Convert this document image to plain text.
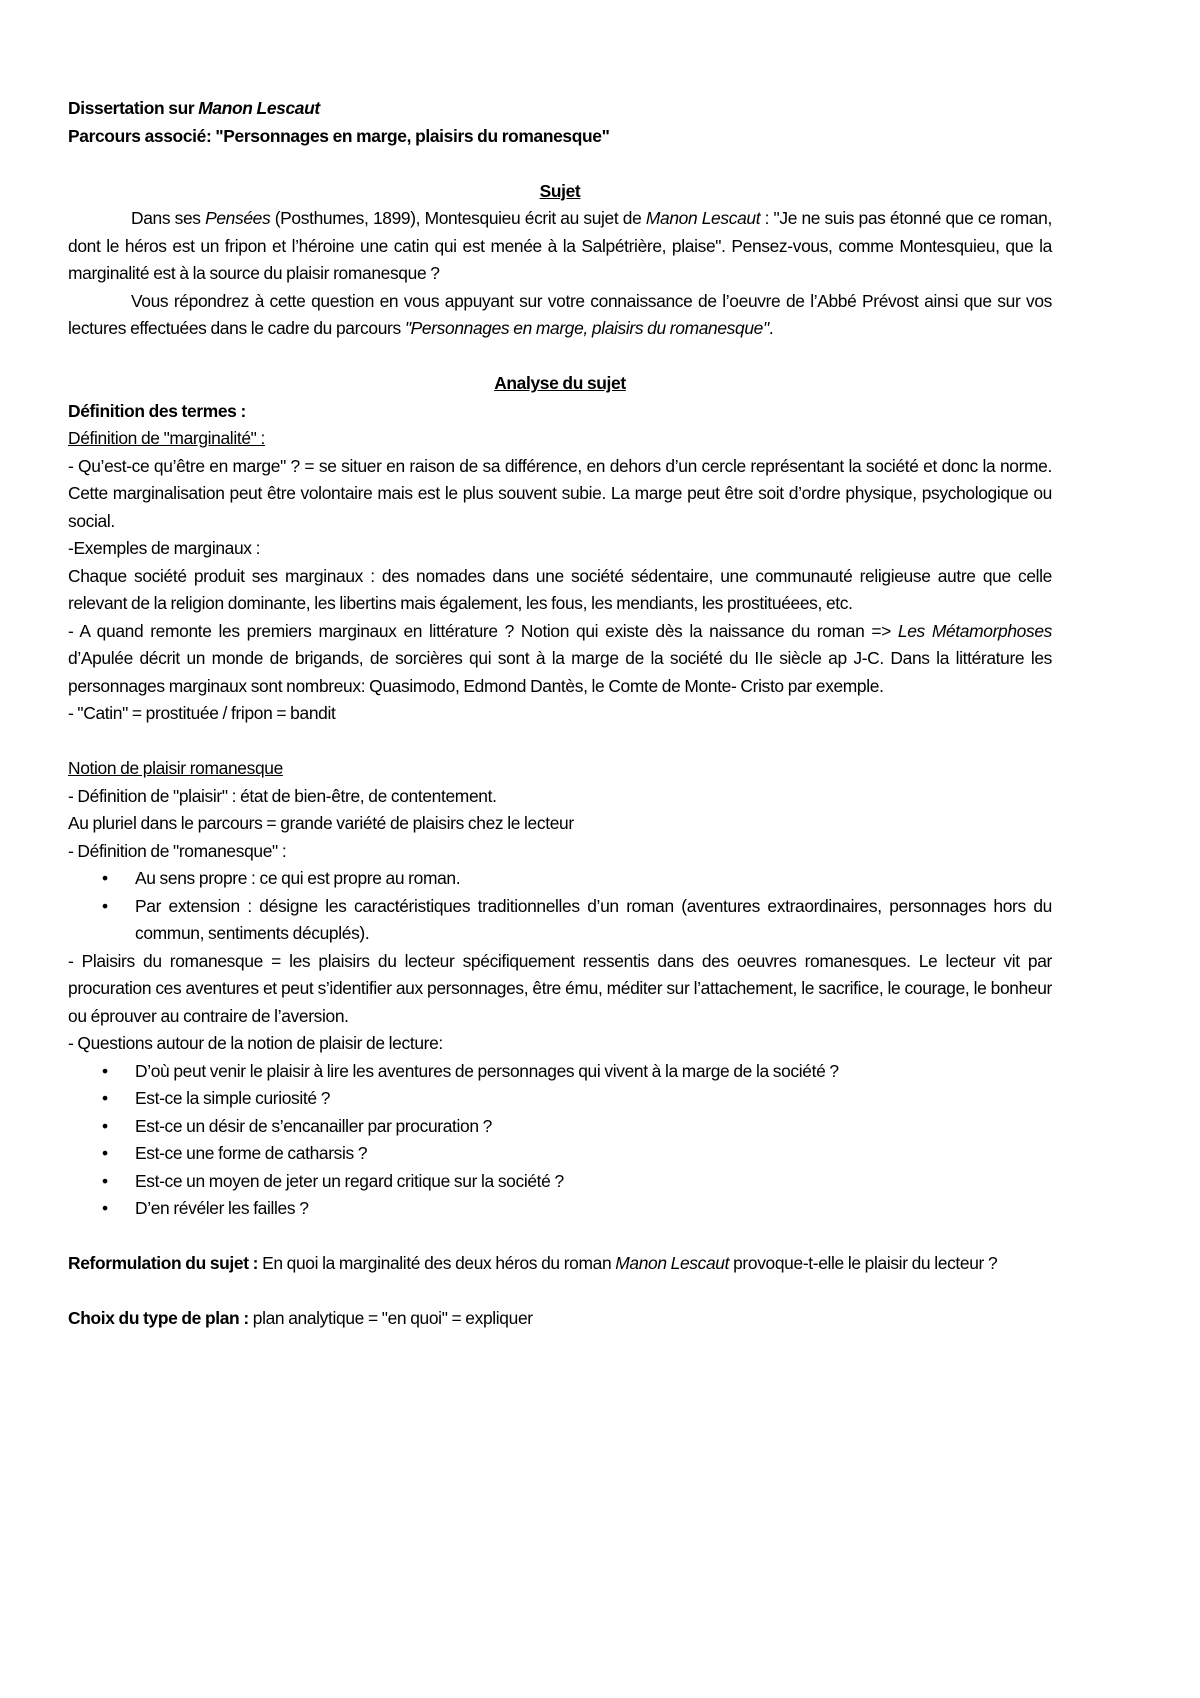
Dissertation sur Manon Lescaut

Parcours associé: "Personnages en marge, plaisirs du romanesque"

Sujet

Dans ses Pensées (Posthumes, 1899), Montesquieu écrit au sujet de Manon Lescaut : "Je ne suis pas étonné que ce roman, dont le héros est un fripon et l’héroine une catin qui est menée à la Salpétrière, plaise". Pensez-vous, comme Montesquieu, que la marginalité est à la source du plaisir romanesque ?

Vous répondrez à cette question en vous appuyant sur votre connaissance de l’oeuvre de l’Abbé Prévost ainsi que sur vos lectures effectuées dans le cadre du parcours "Personnages en marge, plaisirs du romanesque".

Analyse du sujet

Définition des termes :

Définition de "marginalité" :

- Qu’est-ce qu’être en marge" ? = se situer en raison de sa différence, en dehors d’un cercle représentant la société et donc la norme. Cette marginalisation peut être volontaire mais est le plus souvent subie. La marge peut être soit d’ordre physique, psychologique ou social.

-Exemples de marginaux :

Chaque société produit ses marginaux : des nomades dans une société sédentaire, une communauté religieuse autre que celle relevant de la religion dominante, les libertins mais également, les fous, les mendiants, les prostituéees, etc.

- A quand remonte les premiers marginaux en littérature ? Notion qui existe dès la naissance du roman => Les Métamorphoses d’Apulée décrit un monde de brigands, de sorcières qui sont à la marge de la société du IIe siècle ap J-C. Dans la littérature les personnages marginaux sont nombreux: Quasimodo, Edmond Dantès, le Comte de Monte- Cristo par exemple.

- "Catin" = prostituée / fripon = bandit

Notion de plaisir romanesque

- Définition de "plaisir" : état de bien-être, de contentement.

Au pluriel dans le parcours = grande variété de plaisirs chez le lecteur

- Définition de "romanesque" :

• Au sens propre : ce qui est propre au roman.
• Par extension : désigne les caractéristiques traditionnelles d’un roman (aventures extraordinaires, personnages hors du commun, sentiments décuplés).

- Plaisirs du romanesque = les plaisirs du lecteur spécifiquement ressentis dans des oeuvres romanesques. Le lecteur vit par procuration ces aventures et peut s’identifier aux personnages, être ému, méditer sur l’attachement, le sacrifice, le courage, le bonheur ou éprouver au contraire de l’aversion.

- Questions autour de la notion de plaisir de lecture:

• D’où peut venir le plaisir à lire les aventures de personnages qui vivent à la marge de la société ?
• Est-ce la simple curiosité ?
• Est-ce un désir de s’encanailler par procuration ?
• Est-ce une forme de catharsis ?
• Est-ce un moyen de jeter un regard critique sur la société ?
• D’en révéler les failles ?

Reformulation du sujet : En quoi la marginalité des deux héros du roman Manon Lescaut provoque-t-elle le plaisir du lecteur ?

Choix du type de plan : plan analytique = "en quoi" = expliquer
